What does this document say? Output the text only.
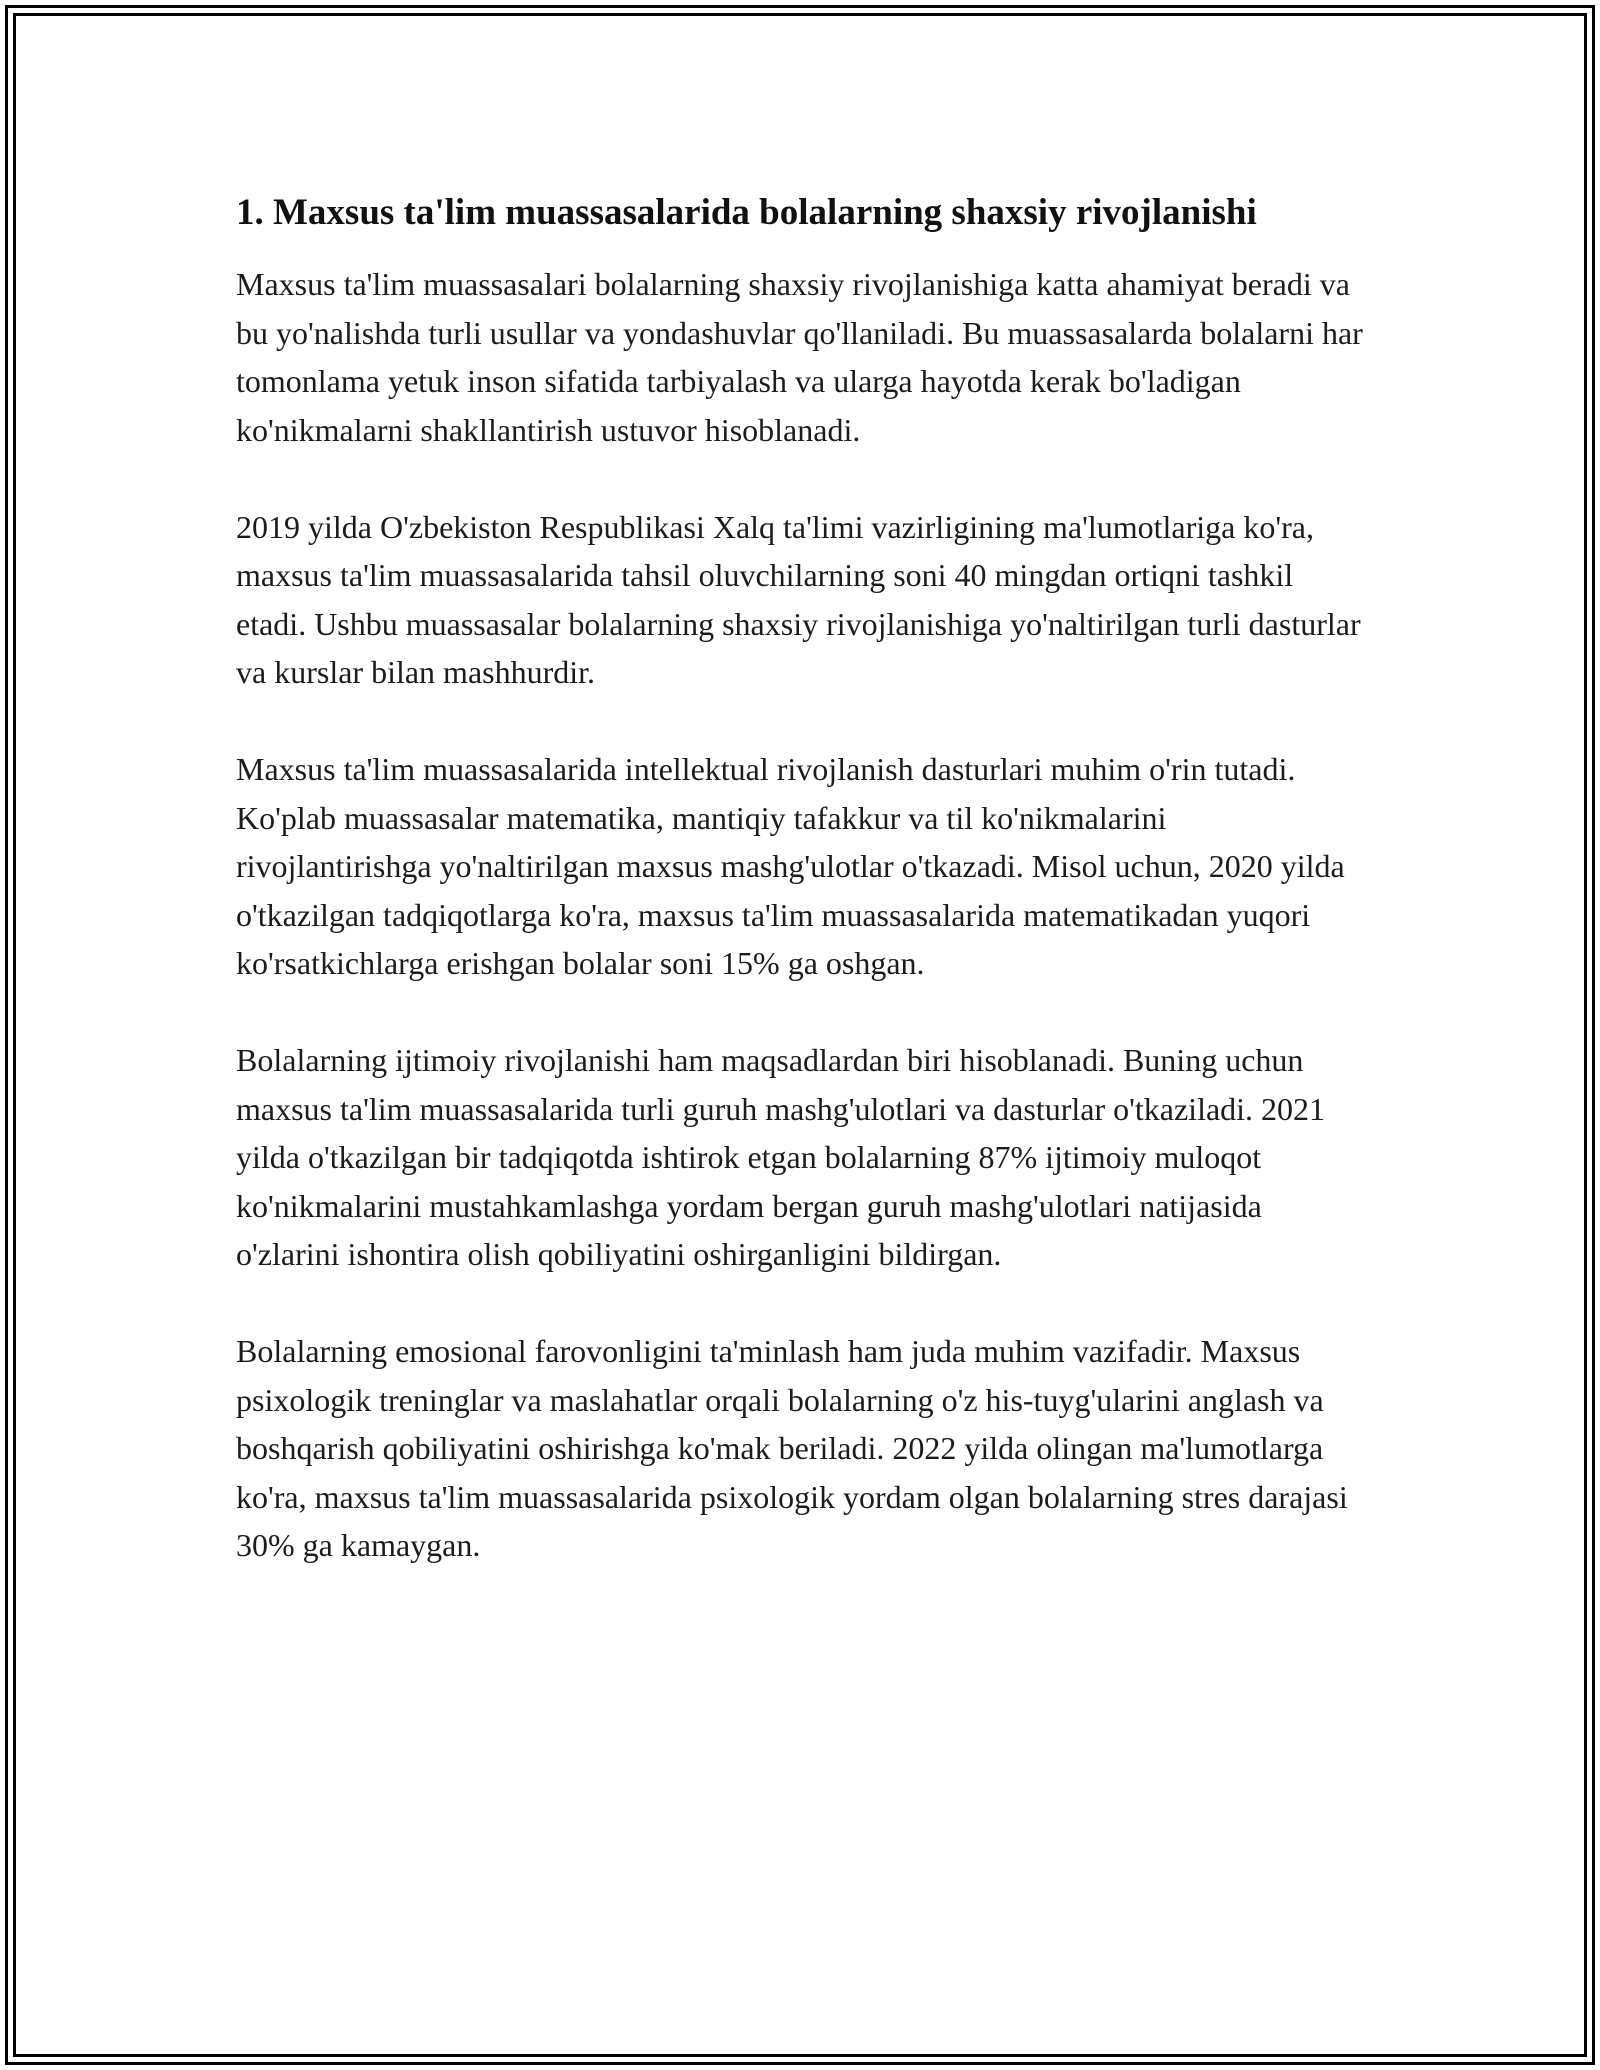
1. Maxsus ta'lim muassasalarida bolalarning shaxsiy rivojlanishi

Maxsus ta'lim muassasalari bolalarning shaxsiy rivojlanishiga katta ahamiyat beradi va bu yo'nalishda turli usullar va yondashuvlar qo'llaniladi. Bu muassasalarda bolalarni har tomonlama yetuk inson sifatida tarbiyalash va ularga hayotda kerak bo'ladigan ko'nikmalarni shakllantirish ustuvor hisoblanadi.

2019 yilda O'zbekiston Respublikasi Xalq ta'limi vazirligining ma'lumotlariga ko'ra, maxsus ta'lim muassasalarida tahsil oluvchilarning soni 40 mingdan ortiqni tashkil etadi. Ushbu muassasalar bolalarning shaxsiy rivojlanishiga yo'naltirilgan turli dasturlar va kurslar bilan mashhurdir.

Maxsus ta'lim muassasalarida intellektual rivojlanish dasturlari muhim o'rin tutadi. Ko'plab muassasalar matematika, mantiqiy tafakkur va til ko'nikmalarini rivojlantirishga yo'naltirilgan maxsus mashg'ulotlar o'tkazadi. Misol uchun, 2020 yilda o'tkazilgan tadqiqotlarga ko'ra, maxsus ta'lim muassasalarida matematikadan yuqori ko'rsatkichlarga erishgan bolalar soni 15% ga oshgan.

Bolalarning ijtimoiy rivojlanishi ham maqsadlardan biri hisoblanadi. Buning uchun maxsus ta'lim muassasalarida turli guruh mashg'ulotlari va dasturlar o'tkaziladi. 2021 yilda o'tkazilgan bir tadqiqotda ishtirok etgan bolalarning 87% ijtimoiy muloqot ko'nikmalarini mustahkamlashga yordam bergan guruh mashg'ulotlari natijasida o'zlarini ishontira olish qobiliyatini oshirganligini bildirgan.

Bolalarning emosional farovonligini ta'minlash ham juda muhim vazifadir. Maxsus psixologik treninglar va maslahatlar orqali bolalarning o'z his-tuyg'ularini anglash va boshqarish qobiliyatini oshirishga ko'mak beriladi. 2022 yilda olingan ma'lumotlarga ko'ra, maxsus ta'lim muassasalarida psixologik yordam olgan bolalarning stres darajasi 30% ga kamaygan.
